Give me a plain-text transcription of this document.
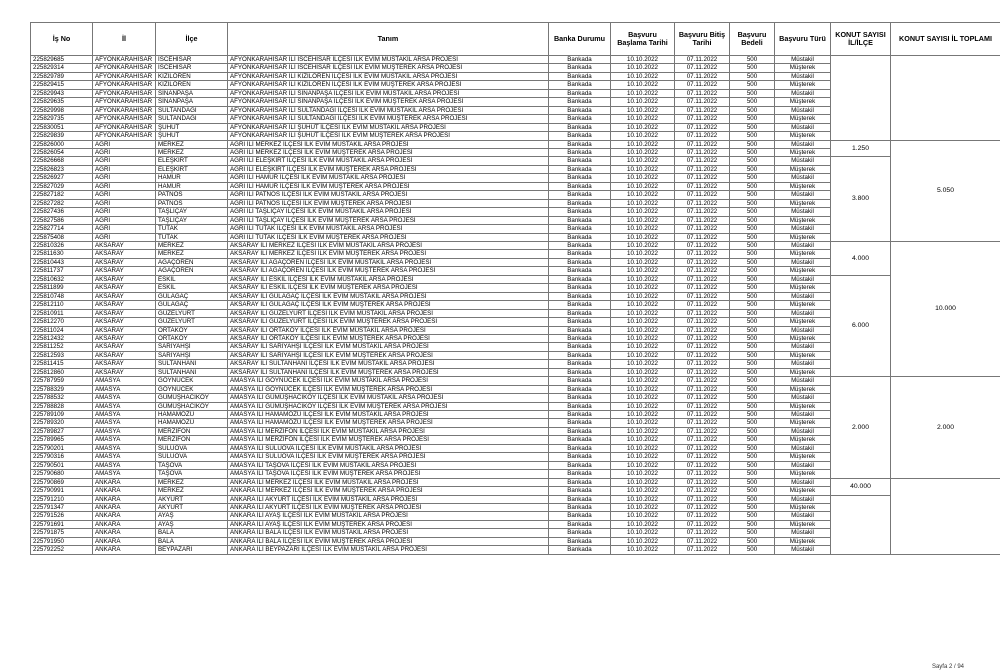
İş No	İl	İlçe	Tanım	Banka Durumu	Başvuru Başlama Tarihi	Başvuru Bitiş Tarihi	Başvuru Bedeli	Başvuru Türü	KONUT SAYISI İL/İLÇE	KONUT SAYISI İL TOPLAMI
225829685	AFYONKARAHİSAR	İSCEHİSAR	AFYONKARAHİSAR İLİ İSCEHİSAR İLÇESİ İLK EVİM MÜSTAKİL ARSA PROJESİ	Bankada	10.10.2022	07.11.2022	500	Müstakil		
225829314	AFYONKARAHİSAR	İSCEHİSAR	AFYONKARAHİSAR İLİ İSCEHİSAR İLÇESİ İLK EVİM MÜŞTEREK ARSA PROJESİ	Bankada	10.10.2022	07.11.2022	500	Müşterek		
225829789	AFYONKARAHİSAR	KIZILÖREN	AFYONKARAHİSAR İLİ KIZILÖREN İLÇESİ İLK EVİM MÜSTAKİL ARSA PROJESİ	Bankada	10.10.2022	07.11.2022	500	Müstakil		
225829415	AFYONKARAHİSAR	KIZILÖREN	AFYONKARAHİSAR İLİ KIZILÖREN İLÇESİ İLK EVİM MÜŞTEREK ARSA PROJESİ	Bankada	10.10.2022	07.11.2022	500	Müşterek		
225829943	AFYONKARAHİSAR	SİNANPAŞA	AFYONKARAHİSAR İLİ SİNANPAŞA İLÇESİ İLK EVİM MÜSTAKİL ARSA PROJESİ	Bankada	10.10.2022	07.11.2022	500	Müstakil		
225829635	AFYONKARAHİSAR	SİNANPAŞA	AFYONKARAHİSAR İLİ SİNANPAŞA İLÇESİ İLK EVİM MÜŞTEREK ARSA PROJESİ	Bankada	10.10.2022	07.11.2022	500	Müşterek		
225829998	AFYONKARAHİSAR	SULTANDAĞI	AFYONKARAHİSAR İLİ SULTANDAĞI İLÇESİ İLK EVİM MÜSTAKİL ARSA PROJESİ	Bankada	10.10.2022	07.11.2022	500	Müstakil		
225829735	AFYONKARAHİSAR	SULTANDAĞI	AFYONKARAHİSAR İLİ SULTANDAĞI İLÇESİ İLK EVİM MÜŞTEREK ARSA PROJESİ	Bankada	10.10.2022	07.11.2022	500	Müşterek		
225830051	AFYONKARAHİSAR	ŞUHUT	AFYONKARAHİSAR İLİ ŞUHUT İLÇESİ İLK EVİM MÜSTAKİL ARSA PROJESİ	Bankada	10.10.2022	07.11.2022	500	Müstakil		
225829839	AFYONKARAHİSAR	ŞUHUT	AFYONKARAHİSAR İLİ ŞUHUT İLÇESİ İLK EVİM MÜŞTEREK ARSA PROJESİ	Bankada	10.10.2022	07.11.2022	500	Müşterek		
225826000	AĞRI	MERKEZ	AĞRI İLİ MERKEZ İLÇESİ İLK EVİM MÜSTAKİL ARSA PROJESİ	Bankada	10.10.2022	07.11.2022	500	Müstakil	1.250	5.050
225826054	AĞRI	MERKEZ	AĞRI İLİ MERKEZ İLÇESİ İLK EVİM MÜŞTEREK ARSA PROJESİ	Bankada	10.10.2022	07.11.2022	500	Müşterek		
225826668	AĞRI	ELEŞKİRT	AĞRI İLİ ELEŞKİRT İLÇESİ İLK EVİM MÜSTAKİL ARSA PROJESİ	Bankada	10.10.2022	07.11.2022	500	Müstakil	3.800	
225826823	AĞRI	ELEŞKİRT	AĞRI İLİ ELEŞKİRT İLÇESİ İLK EVİM MÜŞTEREK ARSA PROJESİ	Bankada	10.10.2022	07.11.2022	500	Müşterek		
225826927	AĞRI	HAMUR	AĞRI İLİ HAMUR İLÇESİ İLK EVİM MÜSTAKİL ARSA PROJESİ	Bankada	10.10.2022	07.11.2022	500	Müstakil		
225827029	AĞRI	HAMUR	AĞRI İLİ HAMUR İLÇESİ İLK EVİM MÜŞTEREK ARSA PROJESİ	Bankada	10.10.2022	07.11.2022	500	Müşterek		
225827182	AĞRI	PATNOS	AĞRI İLİ PATNOS İLÇESİ İLK EVİM MÜSTAKİL ARSA PROJESİ	Bankada	10.10.2022	07.11.2022	500	Müstakil		
225827282	AĞRI	PATNOS	AĞRI İLİ PATNOS İLÇESİ İLK EVİM MÜŞTEREK ARSA PROJESİ	Bankada	10.10.2022	07.11.2022	500	Müşterek		
225827436	AĞRI	TAŞLIÇAY	AĞRI İLİ TAŞLIÇAY İLÇESİ İLK EVİM MÜSTAKİL ARSA PROJESİ	Bankada	10.10.2022	07.11.2022	500	Müstakil		
225827586	AĞRI	TAŞLIÇAY	AĞRI İLİ TAŞLIÇAY İLÇESİ İLK EVİM MÜŞTEREK ARSA PROJESİ	Bankada	10.10.2022	07.11.2022	500	Müşterek		
225827714	AĞRI	TUTAK	AĞRI İLİ TUTAK İLÇESİ İLK EVİM MÜSTAKİL ARSA PROJESİ	Bankada	10.10.2022	07.11.2022	500	Müstakil		
225875408	AĞRI	TUTAK	AĞRI İLİ TUTAK İLÇESİ İLK EVİM MÜŞTEREK ARSA PROJESİ	Bankada	10.10.2022	07.11.2022	500	Müşterek		
225810326	AKSARAY	MERKEZ	AKSARAY İLİ MERKEZ İLÇESİ İLK EVİM MÜSTAKİL ARSA PROJESİ	Bankada	10.10.2022	07.11.2022	500	Müstakil	4.000	10.000
225811630	AKSARAY	MERKEZ	AKSARAY İLİ MERKEZ İLÇESİ İLK EVİM MÜŞTEREK ARSA PROJESİ	Bankada	10.10.2022	07.11.2022	500	Müşterek		
225810443	AKSARAY	AĞAÇÖREN	AKSARAY İLİ AĞAÇÖREN İLÇESİ İLK EVİM MÜSTAKİL ARSA PROJESİ	Bankada	10.10.2022	07.11.2022	500	Müstakil		
225811737	AKSARAY	AĞAÇÖREN	AKSARAY İLİ AĞAÇÖREN İLÇESİ İLK EVİM MÜŞTEREK ARSA PROJESİ	Bankada	10.10.2022	07.11.2022	500	Müşterek		
225810632	AKSARAY	ESKİL	AKSARAY İLİ ESKİL İLÇESİ İLK EVİM MÜSTAKİL ARSA PROJESİ	Bankada	10.10.2022	07.11.2022	500	Müstakil	6.000	
225811899	AKSARAY	ESKİL	AKSARAY İLİ ESKİL İLÇESİ İLK EVİM MÜŞTEREK ARSA PROJESİ	Bankada	10.10.2022	07.11.2022	500	Müşterek		
225810748	AKSARAY	GÜLAĞAÇ	AKSARAY İLİ GÜLAĞAÇ İLÇESİ İLK EVİM MÜSTAKİL ARSA PROJESİ	Bankada	10.10.2022	07.11.2022	500	Müstakil		
225812110	AKSARAY	GÜLAĞAÇ	AKSARAY İLİ GÜLAĞAÇ İLÇESİ İLK EVİM MÜŞTEREK ARSA PROJESİ	Bankada	10.10.2022	07.11.2022	500	Müşterek		
225810911	AKSARAY	GÜZELYURT	AKSARAY İLİ GÜZELYURT İLÇESİ İLK EVİM MÜSTAKİL ARSA PROJESİ	Bankada	10.10.2022	07.11.2022	500	Müstakil		
225812270	AKSARAY	GÜZELYURT	AKSARAY İLİ GÜZELYURT İLÇESİ İLK EVİM MÜŞTEREK ARSA PROJESİ	Bankada	10.10.2022	07.11.2022	500	Müşterek		
225811024	AKSARAY	ORTAKÖY	AKSARAY İLİ ORTAKÖY İLÇESİ İLK EVİM MÜSTAKİL ARSA PROJESİ	Bankada	10.10.2022	07.11.2022	500	Müstakil		
225812432	AKSARAY	ORTAKÖY	AKSARAY İLİ ORTAKÖY İLÇESİ İLK EVİM MÜŞTEREK ARSA PROJESİ	Bankada	10.10.2022	07.11.2022	500	Müşterek		
225811252	AKSARAY	SARIYAHŞİ	AKSARAY İLİ SARIYAHŞİ İLÇESİ İLK EVİM MÜSTAKİL ARSA PROJESİ	Bankada	10.10.2022	07.11.2022	500	Müstakil		
225812593	AKSARAY	SARIYAHŞİ	AKSARAY İLİ SARIYAHŞİ İLÇESİ İLK EVİM MÜŞTEREK ARSA PROJESİ	Bankada	10.10.2022	07.11.2022	500	Müşterek		
225811415	AKSARAY	SULTANHANI	AKSARAY İLİ SULTANHANI İLÇESİ İLK EVİM MÜSTAKİL ARSA PROJESİ	Bankada	10.10.2022	07.11.2022	500	Müstakil		
225812860	AKSARAY	SULTANHANI	AKSARAY İLİ SULTANHANI İLÇESİ İLK EVİM MÜŞTEREK ARSA PROJESİ	Bankada	10.10.2022	07.11.2022	500	Müşterek		
225787959	AMASYA	GÖYNÜCEK	AMASYA İLİ GÖYNÜCEK İLÇESİ İLK EVİM MÜSTAKİL ARSA PROJESİ	Bankada	10.10.2022	07.11.2022	500	Müstakil	2.000	2.000
225788329	AMASYA	GÖYNÜCEK	AMASYA İLİ GÖYNÜCEK İLÇESİ İLK EVİM MÜŞTEREK ARSA PROJESİ	Bankada	10.10.2022	07.11.2022	500	Müşterek		
225788532	AMASYA	GÜMÜŞHACIKÖY	AMASYA İLİ GÜMÜŞHACIKÖY İLÇESİ İLK EVİM MÜSTAKİL ARSA PROJESİ	Bankada	10.10.2022	07.11.2022	500	Müstakil		
225788828	AMASYA	GÜMÜŞHACIKÖY	AMASYA İLİ GÜMÜŞHACIKÖY İLÇESİ İLK EVİM MÜŞTEREK ARSA PROJESİ	Bankada	10.10.2022	07.11.2022	500	Müşterek		
225789109	AMASYA	HAMAMÖZÜ	AMASYA İLİ HAMAMÖZÜ İLÇESİ İLK EVİM MÜSTAKİL ARSA PROJESİ	Bankada	10.10.2022	07.11.2022	500	Müstakil		
225789320	AMASYA	HAMAMÖZÜ	AMASYA İLİ HAMAMÖZÜ İLÇESİ İLK EVİM MÜŞTEREK ARSA PROJESİ	Bankada	10.10.2022	07.11.2022	500	Müşterek		
225789827	AMASYA	MERZİFON	AMASYA İLİ MERZİFON İLÇESİ İLK EVİM MÜSTAKİL ARSA PROJESİ	Bankada	10.10.2022	07.11.2022	500	Müstakil		
225789965	AMASYA	MERZİFON	AMASYA İLİ MERZİFON İLÇESİ İLK EVİM MÜŞTEREK ARSA PROJESİ	Bankada	10.10.2022	07.11.2022	500	Müşterek		
225790201	AMASYA	SULUOVA	AMASYA İLİ SULUOVA İLÇESİ İLK EVİM MÜSTAKİL ARSA PROJESİ	Bankada	10.10.2022	07.11.2022	500	Müstakil		
225790316	AMASYA	SULUOVA	AMASYA İLİ SULUOVA İLÇESİ İLK EVİM MÜŞTEREK ARSA PROJESİ	Bankada	10.10.2022	07.11.2022	500	Müşterek		
225790501	AMASYA	TAŞOVA	AMASYA İLİ TAŞOVA İLÇESİ İLK EVİM MÜSTAKİL ARSA PROJESİ	Bankada	10.10.2022	07.11.2022	500	Müstakil		
225790680	AMASYA	TAŞOVA	AMASYA İLİ TAŞOVA İLÇESİ İLK EVİM MÜŞTEREK ARSA PROJESİ	Bankada	10.10.2022	07.11.2022	500	Müşterek		
225790869	ANKARA	MERKEZ	ANKARA İLİ MERKEZ İLÇESİ İLK EVİM MÜSTAKİL ARSA PROJESİ	Bankada	10.10.2022	07.11.2022	500	Müstakil	40.000	
225790991	ANKARA	MERKEZ	ANKARA İLİ MERKEZ İLÇESİ İLK EVİM MÜŞTEREK ARSA PROJESİ	Bankada	10.10.2022	07.11.2022	500	Müşterek		
225791210	ANKARA	AKYURT	ANKARA İLİ AKYURT İLÇESİ İLK EVİM MÜSTAKİL ARSA PROJESİ	Bankada	10.10.2022	07.11.2022	500	Müstakil		
225791347	ANKARA	AKYURT	ANKARA İLİ AKYURT İLÇESİ İLK EVİM MÜŞTEREK ARSA PROJESİ	Bankada	10.10.2022	07.11.2022	500	Müşterek		
225791526	ANKARA	AYAŞ	ANKARA İLİ AYAŞ İLÇESİ İLK EVİM MÜSTAKİL ARSA PROJESİ	Bankada	10.10.2022	07.11.2022	500	Müstakil		
225791691	ANKARA	AYAŞ	ANKARA İLİ AYAŞ İLÇESİ İLK EVİM MÜŞTEREK ARSA PROJESİ	Bankada	10.10.2022	07.11.2022	500	Müşterek		
225791875	ANKARA	BALA	ANKARA İLİ BALA İLÇESİ İLK EVİM MÜSTAKİL ARSA PROJESİ	Bankada	10.10.2022	07.11.2022	500	Müstakil		
225791950	ANKARA	BALA	ANKARA İLİ BALA İLÇESİ İLK EVİM MÜŞTEREK ARSA PROJESİ	Bankada	10.10.2022	07.11.2022	500	Müşterek		
225792252	ANKARA	BEYPAZARI	ANKARA İLİ BEYPAZARI İLÇESİ İLK EVİM MÜSTAKİL ARSA PROJESİ	Bankada	10.10.2022	07.11.2022	500	Müstakil		
Sayfa 2 / 94
